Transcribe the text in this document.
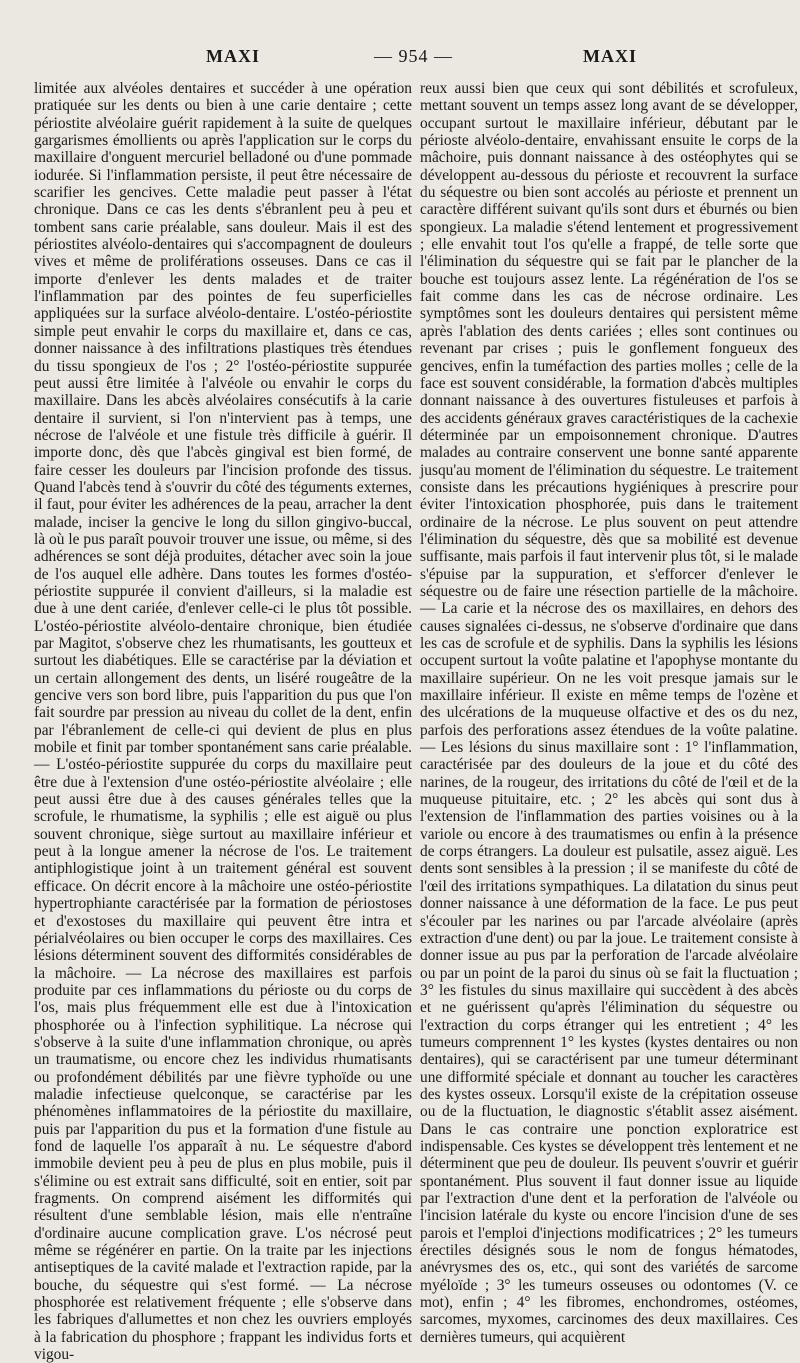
MAXI	— 954 —	MAXI

limitée aux alvéoles dentaires et succéder à une opération pratiquée sur les dents ou bien à une carie dentaire ; cette périostite alvéolaire guérit rapidement à la suite de quelques gargarismes émollients ou après l'application sur le corps du maxillaire d'onguent mercuriel belladoné ou d'une pommade iodurée. Si l'inflammation persiste, il peut être nécessaire de scarifier les gencives. Cette maladie peut passer à l'état chronique. Dans ce cas les dents s'ébranlent peu à peu et tombent sans carie préalable, sans douleur. Mais il est des périostites alvéolo-dentaires qui s'accompagnent de douleurs vives et même de proliférations osseuses. Dans ce cas il importe d'enlever les dents malades et de traiter l'inflammation par des pointes de feu superficielles appliquées sur la surface alvéolo-dentaire. L'ostéo-périostite simple peut envahir le corps du maxillaire et, dans ce cas, donner naissance à des infiltrations plastiques très étendues du tissu spongieux de l'os ; 2° l'ostéo-périostite suppurée peut aussi être limitée à l'alvéole ou envahir le corps du maxillaire. Dans les abcès alvéolaires consécutifs à la carie dentaire il survient, si l'on n'intervient pas à temps, une nécrose de l'alvéole et une fistule très difficile à guérir. Il importe donc, dès que l'abcès gingival est bien formé, de faire cesser les douleurs par l'incision profonde des tissus. Quand l'abcès tend à s'ouvrir du côté des téguments externes, il faut, pour éviter les adhérences de la peau, arracher la dent malade, inciser la gencive le long du sillon gingivo-buccal, là où le pus paraît pouvoir trouver une issue, ou même, si des adhérences se sont déjà produites, détacher avec soin la joue de l'os auquel elle adhère. Dans toutes les formes d'ostéo-périostite suppurée il convient d'ailleurs, si la maladie est due à une dent cariée, d'enlever celle-ci le plus tôt possible. L'ostéo-périostite alvéolo-dentaire chronique, bien étudiée par Magitot, s'observe chez les rhumatisants, les goutteux et surtout les diabétiques. Elle se caractérise par la déviation et un certain allongement des dents, un liséré rougeâtre de la gencive vers son bord libre, puis l'apparition du pus que l'on fait sourdre par pression au niveau du collet de la dent, enfin par l'ébranlement de celle-ci qui devient de plus en plus mobile et finit par tomber spontanément sans carie préalable. — L'ostéo-périostite suppurée du corps du maxillaire peut être due à l'extension d'une ostéo-périostite alvéolaire ; elle peut aussi être due à des causes générales telles que la scrofule, le rhumatisme, la syphilis ; elle est aiguë ou plus souvent chronique, siège surtout au maxillaire inférieur et peut à la longue amener la nécrose de l'os. Le traitement antiphlogistique joint à un traitement général est souvent efficace. On décrit encore à la mâchoire une ostéo-périostite hypertrophiante caractérisée par la formation de périostoses et d'exostoses du maxillaire qui peuvent être intra et périalvéolaires ou bien occuper le corps des maxillaires. Ces lésions déterminent souvent des difformités considérables de la mâchoire. — La nécrose des maxillaires est parfois produite par ces inflammations du périoste ou du corps de l'os, mais plus fréquemment elle est due à l'intoxication phosphorée ou à l'infection syphilitique. La nécrose qui s'observe à la suite d'une inflammation chronique, ou après un traumatisme, ou encore chez les individus rhumatisants ou profondément débilités par une fièvre typhoïde ou une maladie infectieuse quelconque, se caractérise par les phénomènes inflammatoires de la périostite du maxillaire, puis par l'apparition du pus et la formation d'une fistule au fond de laquelle l'os apparaît à nu. Le séquestre d'abord immobile devient peu à peu de plus en plus mobile, puis il s'élimine ou est extrait sans difficulté, soit en entier, soit par fragments. On comprend aisément les difformités qui résultent d'une semblable lésion, mais elle n'entraîne d'ordinaire aucune complication grave. L'os nécrosé peut même se régénérer en partie. On la traite par les injections antiseptiques de la cavité malade et l'extraction rapide, par la bouche, du séquestre qui s'est formé. — La nécrose phosphorée est relativement fréquente ; elle s'observe dans les fabriques d'allumettes et non chez les ouvriers employés à la fabrication du phosphore ; frappant les individus forts et vigou-

reux aussi bien que ceux qui sont débilités et scrofuleux, mettant souvent un temps assez long avant de se développer, occupant surtout le maxillaire inférieur, débutant par le périoste alvéolo-dentaire, envahissant ensuite le corps de la mâchoire, puis donnant naissance à des ostéophytes qui se développent au-dessous du périoste et recouvrent la surface du séquestre ou bien sont accolés au périoste et prennent un caractère différent suivant qu'ils sont durs et éburnés ou bien spongieux. La maladie s'étend lentement et progressivement ; elle envahit tout l'os qu'elle a frappé, de telle sorte que l'élimination du séquestre qui se fait par le plancher de la bouche est toujours assez lente. La régénération de l'os se fait comme dans les cas de nécrose ordinaire. Les symptômes sont les douleurs dentaires qui persistent même après l'ablation des dents cariées ; elles sont continues ou revenant par crises ; puis le gonflement fongueux des gencives, enfin la tuméfaction des parties molles ; celle de la face est souvent considérable, la formation d'abcès multiples donnant naissance à des ouvertures fistuleuses et parfois à des accidents généraux graves caractéristiques de la cachexie déterminée par un empoisonnement chronique. D'autres malades au contraire conservent une bonne santé apparente jusqu'au moment de l'élimination du séquestre. Le traitement consiste dans les précautions hygiéniques à prescrire pour éviter l'intoxication phosphorée, puis dans le traitement ordinaire de la nécrose. Le plus souvent on peut attendre l'élimination du séquestre, dès que sa mobilité est devenue suffisante, mais parfois il faut intervenir plus tôt, si le malade s'épuise par la suppuration, et s'efforcer d'enlever le séquestre ou de faire une résection partielle de la mâchoire. — La carie et la nécrose des os maxillaires, en dehors des causes signalées ci-dessus, ne s'observe d'ordinaire que dans les cas de scrofule et de syphilis. Dans la syphilis les lésions occupent surtout la voûte palatine et l'apophyse montante du maxillaire supérieur. On ne les voit presque jamais sur le maxillaire inférieur. Il existe en même temps de l'ozène et des ulcérations de la muqueuse olfactive et des os du nez, parfois des perforations assez étendues de la voûte palatine. — Les lésions du sinus maxillaire sont : 1° l'inflammation, caractérisée par des douleurs de la joue et du côté des narines, de la rougeur, des irritations du côté de l'œil et de la muqueuse pituitaire, etc. ; 2° les abcès qui sont dus à l'extension de l'inflammation des parties voisines ou à la variole ou encore à des traumatismes ou enfin à la présence de corps étrangers. La douleur est pulsatile, assez aiguë. Les dents sont sensibles à la pression ; il se manifeste du côté de l'œil des irritations sympathiques. La dilatation du sinus peut donner naissance à une déformation de la face. Le pus peut s'écouler par les narines ou par l'arcade alvéolaire (après extraction d'une dent) ou par la joue. Le traitement consiste à donner issue au pus par la perforation de l'arcade alvéolaire ou par un point de la paroi du sinus où se fait la fluctuation ; 3° les fistules du sinus maxillaire qui succèdent à des abcès et ne guérissent qu'après l'élimination du séquestre ou l'extraction du corps étranger qui les entretient ; 4° les tumeurs comprennent 1° les kystes (kystes dentaires ou non dentaires), qui se caractérisent par une tumeur déterminant une difformité spéciale et donnant au toucher les caractères des kystes osseux. Lorsqu'il existe de la crépitation osseuse ou de la fluctuation, le diagnostic s'établit assez aisément. Dans le cas contraire une ponction exploratrice est indispensable. Ces kystes se développent très lentement et ne déterminent que peu de douleur. Ils peuvent s'ouvrir et guérir spontanément. Plus souvent il faut donner issue au liquide par l'extraction d'une dent et la perforation de l'alvéole ou l'incision latérale du kyste ou encore l'incision d'une de ses parois et l'emploi d'injections modificatrices ; 2° les tumeurs érectiles désignés sous le nom de fongus hématodes, anévrysmes des os, etc., qui sont des variétés de sarcome myéloïde ; 3° les tumeurs osseuses ou odontomes (V. ce mot), enfin ; 4° les fibromes, enchondromes, ostéomes, sarcomes, myxomes, carcinomes des deux maxillaires. Ces dernières tumeurs, qui acquièrent
